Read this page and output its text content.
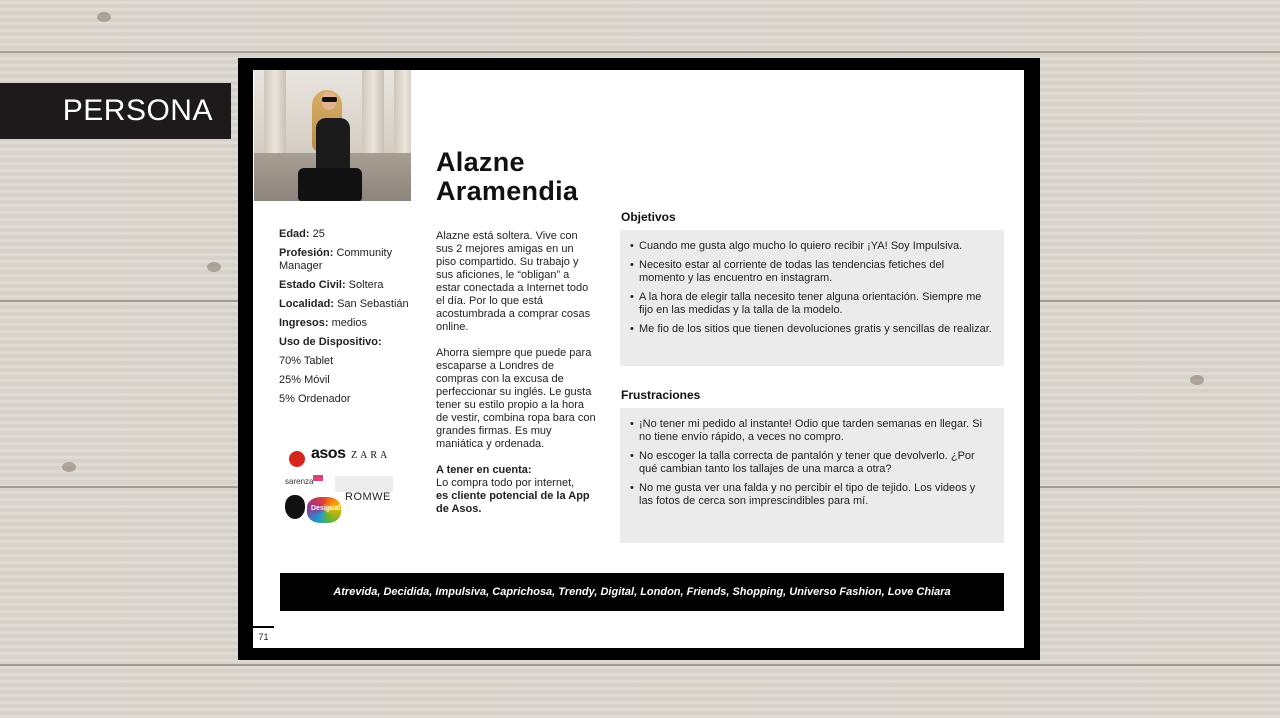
PERSONA
Alazne
Aramendia
Edad: 25
Profesión: Community Manager
Estado Civil: Soltera
Localidad: San Sebastián
Ingresos: medios
Uso de Dispositivo:
70% Tablet
25% Móvil
5% Ordenador
asos ZARA
sarenza
Desigual
ROMWE

Alazne está soltera. Vive con sus 2 mejores amigas en un piso compartido. Su trabajo y sus aficiones, le “obligan” a estar conectada a Internet todo el día. Por lo que está acostumbrada a comprar cosas online.

Ahorra siempre que puede para escaparse a Londres de compras con la excusa de perfeccionar su inglés. Le gusta tener su estilo propio a la hora de vestir, combina ropa bara con grandes firmas. Es muy maniática y ordenada.

A tener en cuenta:
Lo compra todo por internet,
es cliente potencial de la App de Asos.
Objetivos
• Cuando me gusta algo mucho lo quiero recibir ¡YA! Soy Impulsiva.
• Necesito estar al corriente de todas las tendencias fetiches del momento y las encuentro en instagram.
• A la hora de elegir talla necesito tener alguna orientación. Siempre me fijo en las medidas y la talla de la modelo.
• Me fio de los sitios que tienen devoluciones gratis y sencillas de realizar.
Frustraciones
• ¡No tener mi pedido al instante! Odio que tarden semanas en llegar. Si no tiene envío rápido, a veces no compro.
• No escoger la talla correcta de pantalón y tener que devolverlo. ¿Por qué cambian tanto los tallajes de una marca a otra?
• No me gusta ver una falda y no percibir el tipo de tejido. Los videos y las fotos de cerca son imprescindibles para mí.
Atrevida, Decidida, Impulsiva, Caprichosa, Trendy, Digital, London, Friends, Shopping, Universo Fashion, Love Chiara
71
